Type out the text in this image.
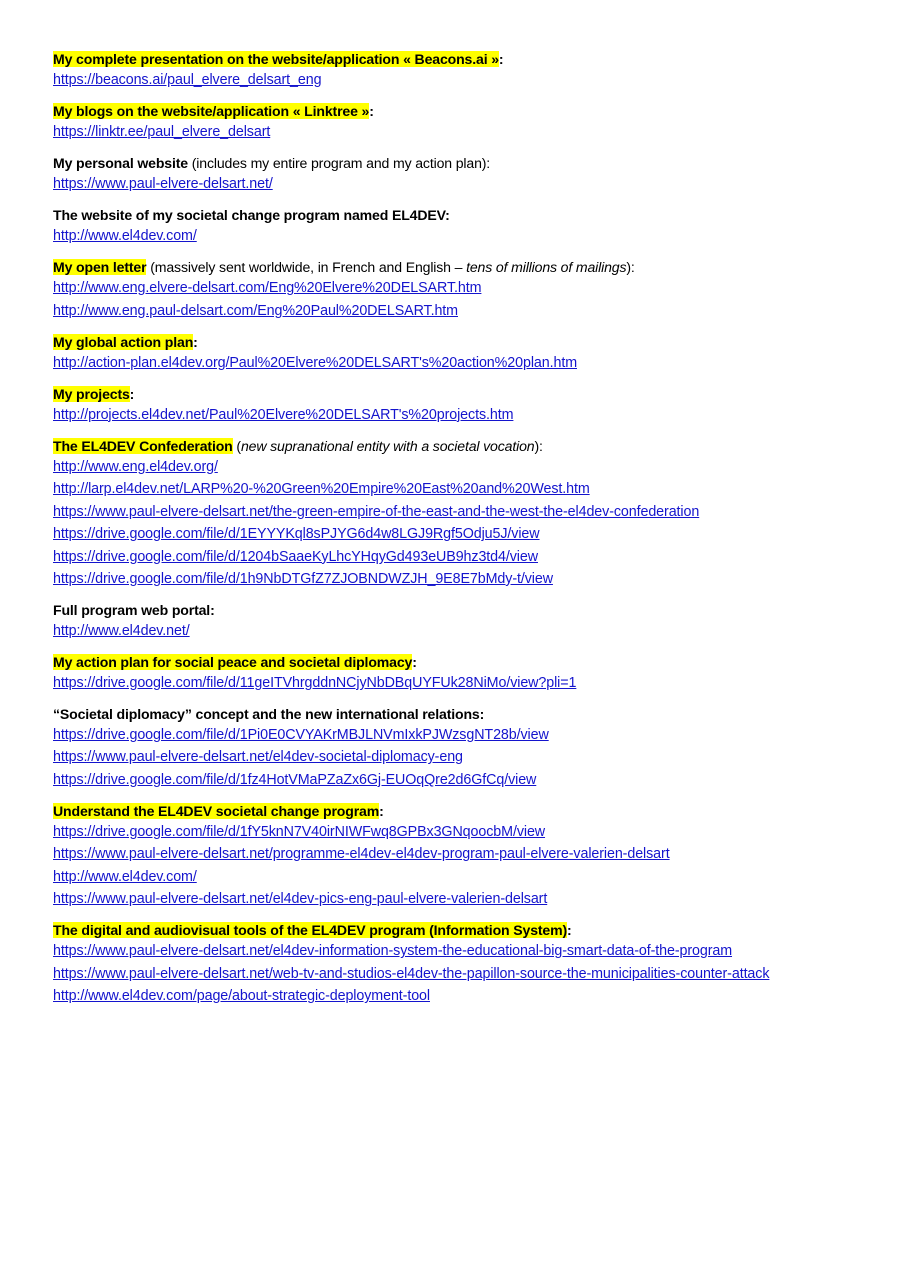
My complete presentation on the website/application « Beacons.ai »:
https://beacons.ai/paul_elvere_delsart_eng
My blogs on the website/application « Linktree »:
https://linktr.ee/paul_elvere_delsart
My personal website (includes my entire program and my action plan):
https://www.paul-elvere-delsart.net/
The website of my societal change program named EL4DEV:
http://www.el4dev.com/
My open letter (massively sent worldwide, in French and English – tens of millions of mailings):
http://www.eng.elvere-delsart.com/Eng%20Elvere%20DELSART.htm
http://www.eng.paul-delsart.com/Eng%20Paul%20DELSART.htm
My global action plan:
http://action-plan.el4dev.org/Paul%20Elvere%20DELSART's%20action%20plan.htm
My projects:
http://projects.el4dev.net/Paul%20Elvere%20DELSART's%20projects.htm
The EL4DEV Confederation (new supranational entity with a societal vocation):
http://www.eng.el4dev.org/
http://larp.el4dev.net/LARP%20-%20Green%20Empire%20East%20and%20West.htm
https://www.paul-elvere-delsart.net/the-green-empire-of-the-east-and-the-west-the-el4dev-confederation
https://drive.google.com/file/d/1EYYYKql8sPJYG6d4w8LGJ9Rgf5Odju5J/view
https://drive.google.com/file/d/1204bSaaeKyLhcYHqyGd493eUB9hz3td4/view
https://drive.google.com/file/d/1h9NbDTGfZ7ZJOBNDWZJH_9E8E7bMdy-t/view
Full program web portal:
http://www.el4dev.net/
My action plan for social peace and societal diplomacy:
https://drive.google.com/file/d/11geITVhrgddnNCjyNbDBqUYFUk28NiMo/view?pli=1
“Societal diplomacy” concept and the new international relations:
https://drive.google.com/file/d/1Pi0E0CVYAKrMBJLNVmIxkPJWzsgNT28b/view
https://www.paul-elvere-delsart.net/el4dev-societal-diplomacy-eng
https://drive.google.com/file/d/1fz4HotVMaPZaZx6Gj-EUOqQre2d6GfCq/view
Understand the EL4DEV societal change program:
https://drive.google.com/file/d/1fY5knN7V40irNIWFwq8GPBx3GNqoocbM/view
https://www.paul-elvere-delsart.net/programme-el4dev-el4dev-program-paul-elvere-valerien-delsart
http://www.el4dev.com/
https://www.paul-elvere-delsart.net/el4dev-pics-eng-paul-elvere-valerien-delsart
The digital and audiovisual tools of the EL4DEV program (Information System):
https://www.paul-elvere-delsart.net/el4dev-information-system-the-educational-big-smart-data-of-the-program
https://www.paul-elvere-delsart.net/web-tv-and-studios-el4dev-the-papillon-source-the-municipalities-counter-attack
http://www.el4dev.com/page/about-strategic-deployment-tool
